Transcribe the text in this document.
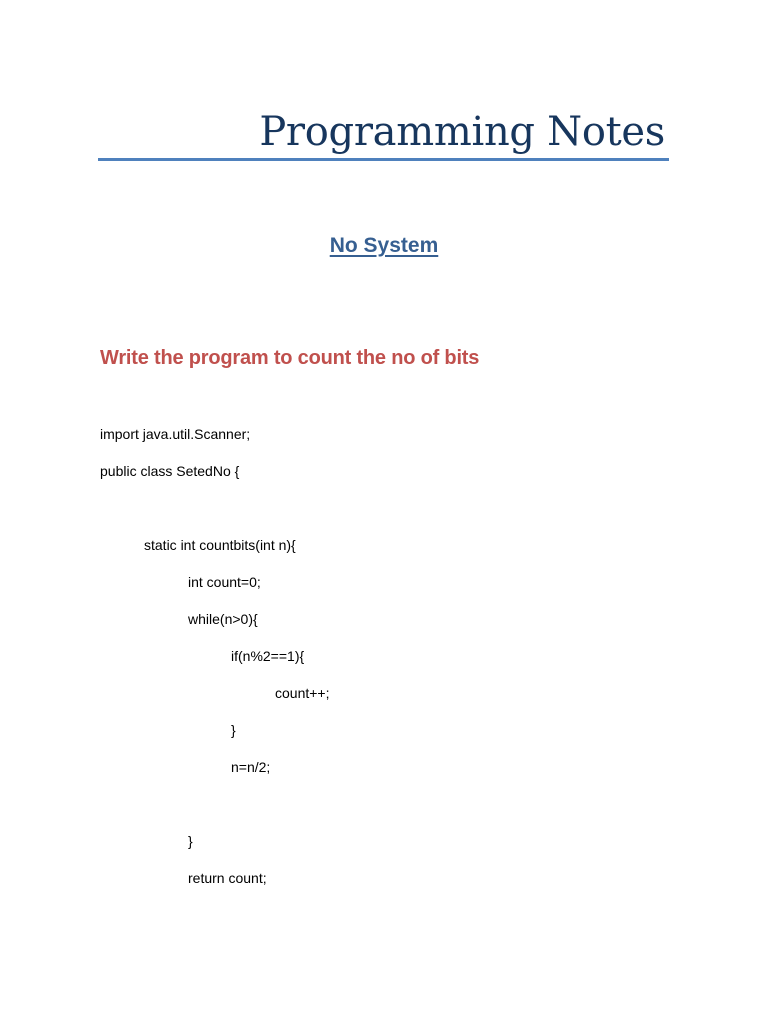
Programming Notes
No System
Write the program to count the no of bits
import java.util.Scanner;
public class SetedNo {
static int countbits(int n){
int count=0;
while(n>0){
if(n%2==1){
count++;
}
n=n/2;
}
return count;
